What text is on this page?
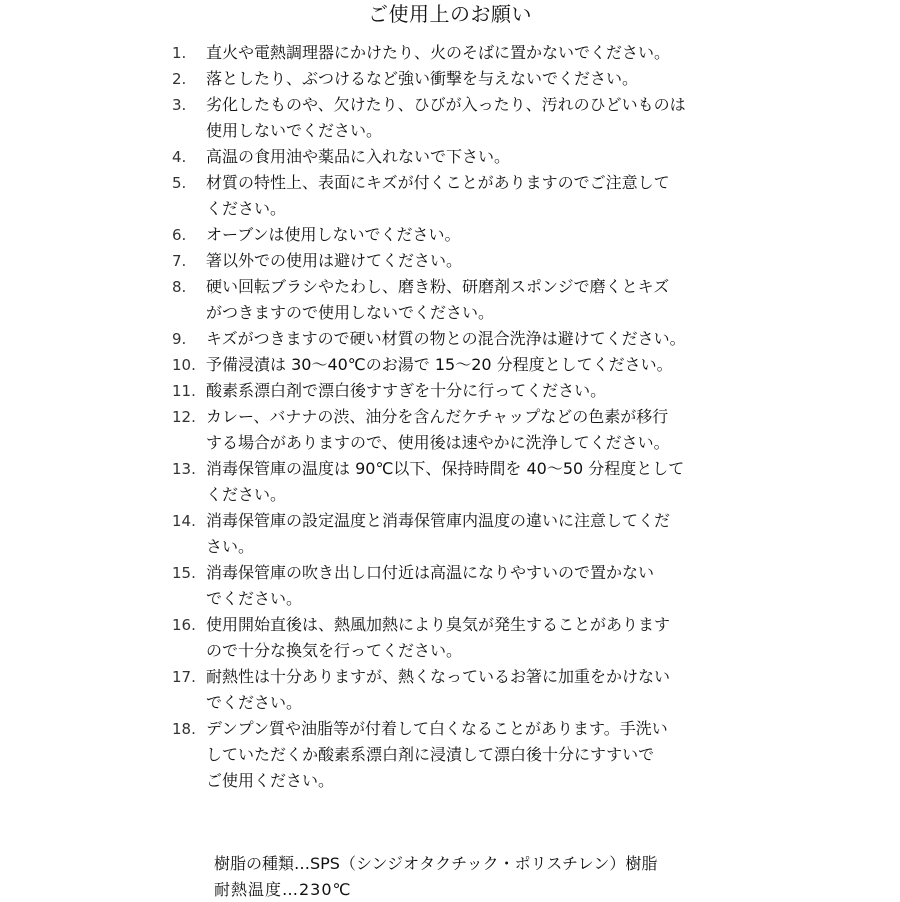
ご使用上のお願い
1.	直火や電熱調理器にかけたり、火のそばに置かないでください。
2.	落としたり、ぶつけるなど強い衝撃を与えないでください。
3.	劣化したものや、欠けたり、ひびが入ったり、汚れのひどいものは
使用しないでください。
4.	高温の食用油や薬品に入れないで下さい。
5.	材質の特性上、表面にキズが付くことがありますのでご注意して
ください。
6.	オーブンは使用しないでください。
7.	箸以外での使用は避けてください。
8.	硬い回転ブラシやたわし、磨き粉、研磨剤スポンジで磨くとキズ
がつきますので使用しないでください。
9.	キズがつきますので硬い材質の物との混合洗浄は避けてください。
10. 予備浸漬は 30～40℃のお湯で 15～20 分程度としてください。
11. 酸素系漂白剤で漂白後すすぎを十分に行ってください。
12. カレー、バナナの渋、油分を含んだケチャップなどの色素が移行
する場合がありますので、使用後は速やかに洗浄してください。
13. 消毒保管庫の温度は 90℃以下、保持時間を 40～50 分程度として
ください。
14. 消毒保管庫の設定温度と消毒保管庫内温度の違いに注意してくだ
さい。
15. 消毒保管庫の吹き出し口付近は高温になりやすいので置かない
でください。
16. 使用開始直後は、熱風加熱により臭気が発生することがあります
ので十分な換気を行ってください。
17. 耐熱性は十分ありますが、熱くなっているお箸に加重をかけない
でください。
18. デンプン質や油脂等が付着して白くなることがあります。手洗い
していただくか酸素系漂白剤に浸漬して漂白後十分にすすいで
ご使用ください。
樹脂の種類…SPS（シンジオタクチック・ポリスチレン）樹脂
耐熱温度…230℃
